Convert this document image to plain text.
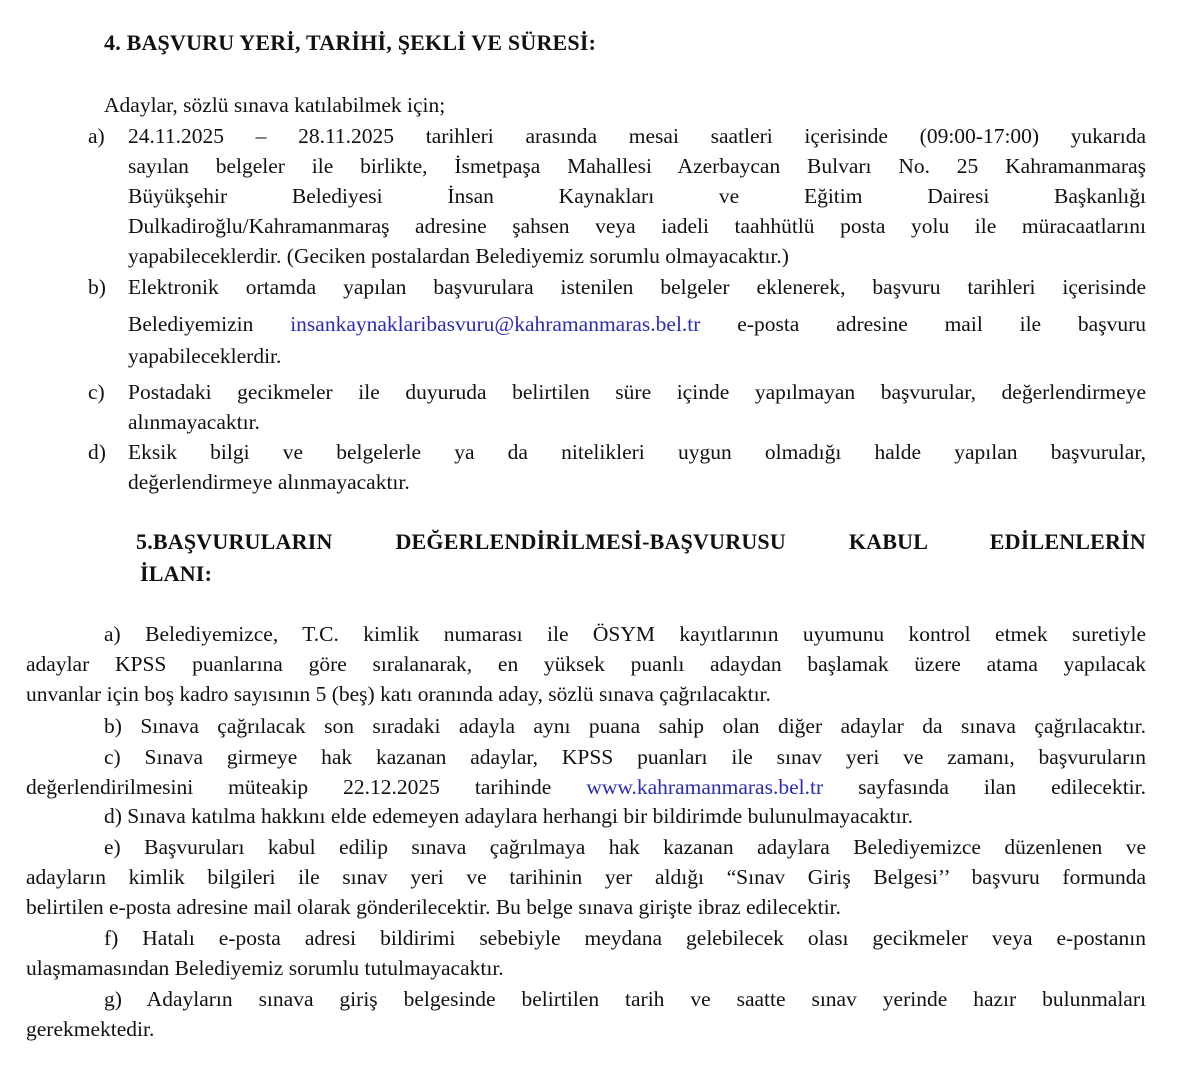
4. BAŞVURU YERİ, TARİHİ, ŞEKLİ VE SÜRESİ:
Adaylar, sözlü sınava katılabilmek için;
a) 24.11.2025 – 28.11.2025 tarihleri arasında mesai saatleri içerisinde (09:00-17:00) yukarıda
sayılan belgeler ile birlikte, İsmetpaşa Mahallesi Azerbaycan Bulvarı No. 25 Kahramanmaraş
Büyükşehir Belediyesi İnsan Kaynakları ve Eğitim Dairesi Başkanlığı
Dulkadiroğlu/Kahramanmaraş adresine şahsen veya iadeli taahhütlü posta yolu ile müracaatlarını
yapabileceklerdir. (Geciken postalardan Belediyemiz sorumlu olmayacaktır.)
b) Elektronik ortamda yapılan başvurulara istenilen belgeler eklenerek, başvuru tarihleri içerisinde
Belediyemizin insankaynaklaribasvuru@kahramanmaras.bel.tr e-posta adresine mail ile başvuru
yapabileceklerdir.
c) Postadaki gecikmeler ile duyuruda belirtilen süre içinde yapılmayan başvurular, değerlendirmeye
alınmayacaktır.
d) Eksik bilgi ve belgelerle ya da nitelikleri uygun olmadığı halde yapılan başvurular,
değerlendirmeye alınmayacaktır.
5.BAŞVURULARIN DEĞERLENDİRİLMESİ-BAŞVURUSU KABUL EDİLENLERİN
İLANI:
a) Belediyemizce, T.C. kimlik numarası ile ÖSYM kayıtlarının uyumunu kontrol etmek suretiyle
adaylar KPSS puanlarına göre sıralanarak, en yüksek puanlı adaydan başlamak üzere atama yapılacak
unvanlar için boş kadro sayısının 5 (beş) katı oranında aday, sözlü sınava çağrılacaktır.
b) Sınava çağrılacak son sıradaki adayla aynı puana sahip olan diğer adaylar da sınava çağrılacaktır.
c) Sınava girmeye hak kazanan adaylar, KPSS puanları ile sınav yeri ve zamanı, başvuruların
değerlendirilmesini müteakip 22.12.2025 tarihinde www.kahramanmaras.bel.tr sayfasında ilan edilecektir.
d) Sınava katılma hakkını elde edemeyen adaylara herhangi bir bildirimde bulunulmayacaktır.
e) Başvuruları kabul edilip sınava çağrılmaya hak kazanan adaylara Belediyemizce düzenlenen ve
adayların kimlik bilgileri ile sınav yeri ve tarihinin yer aldığı “Sınav Giriş Belgesi’’ başvuru formunda
belirtilen e-posta adresine mail olarak gönderilecektir. Bu belge sınava girişte ibraz edilecektir.
f) Hatalı e-posta adresi bildirimi sebebiyle meydana gelebilecek olası gecikmeler veya e-postanın
ulaşmamasından Belediyemiz sorumlu tutulmayacaktır.
g) Adayların sınava giriş belgesinde belirtilen tarih ve saatte sınav yerinde hazır bulunmaları
gerekmektedir.
